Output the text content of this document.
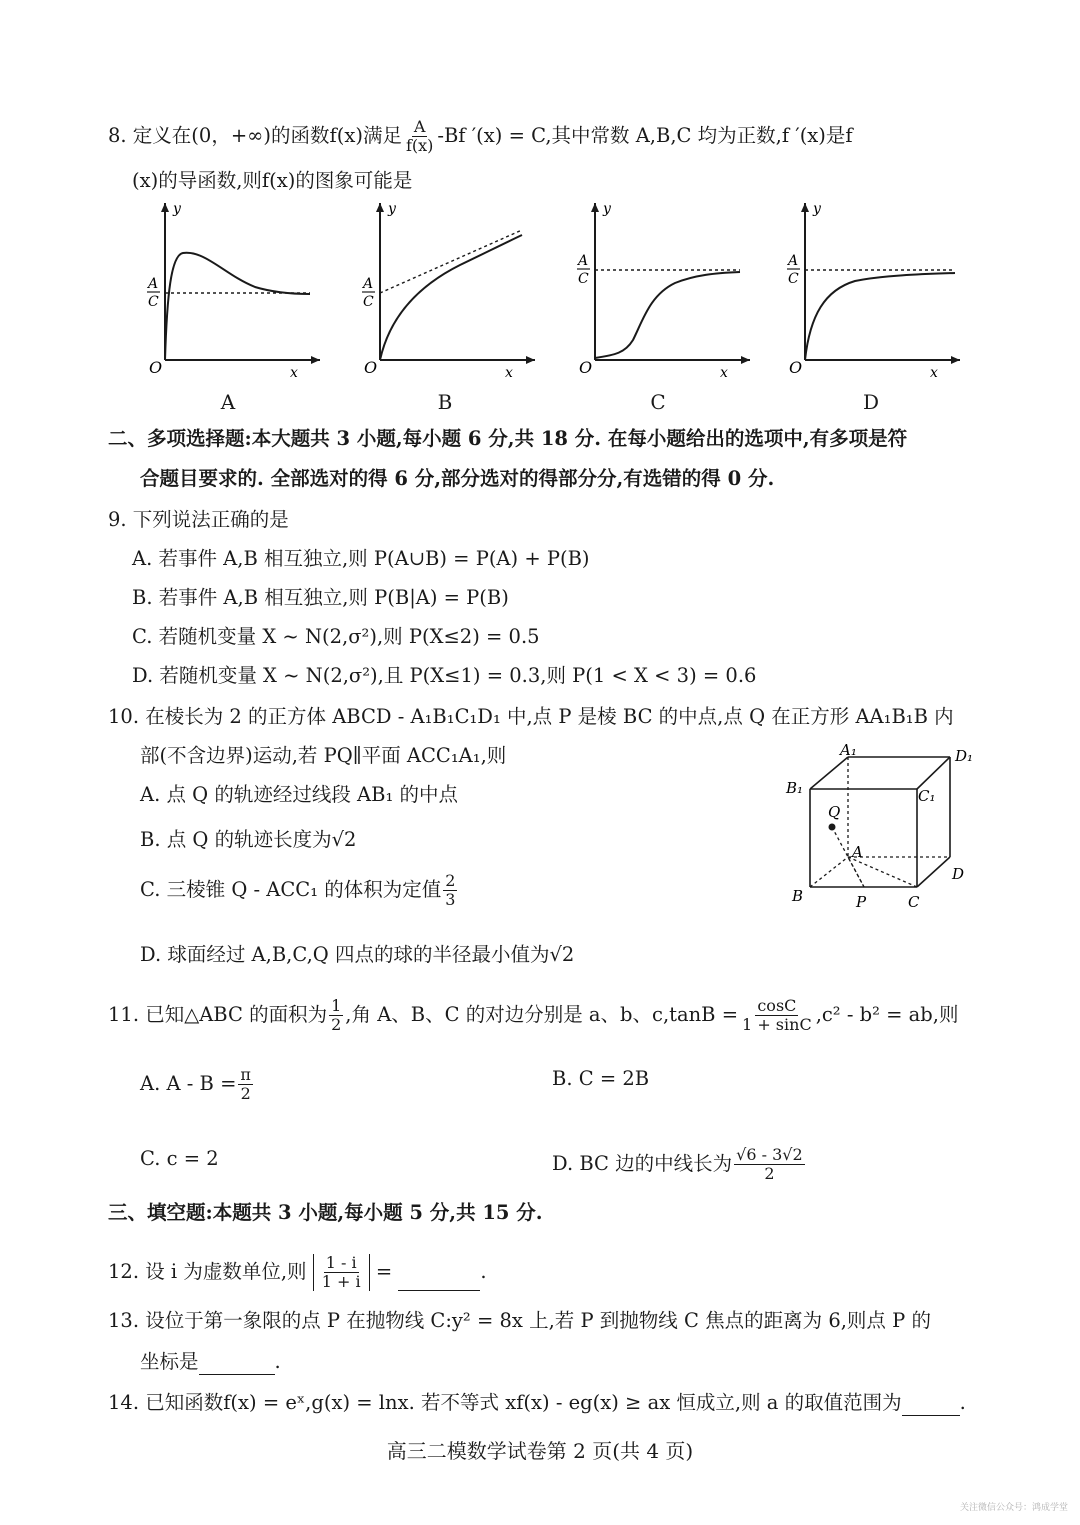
8. 定义在(0，+∞)的函数f(x)满足 $\frac{A}{f(x)} -Bf$ ′(x) = C,其中常数 A,B,C 均为正数,f ′(x)是f
(x)的导函数,则f(x)的图象可能是
y
x
O
A
C
A
y
x
O
A
C
B
y
x
O
A
C
C
y
x
O
A
C
D
二、多项选择题:本大题共 3 小题,每小题 6 分,共 18 分. 在每小题给出的选项中,有多项是符
合题目要求的. 全部选对的得 6 分,部分选对的得部分分,有选错的得 0 分.
9. 下列说法正确的是
A. 若事件 A,B 相互独立,则 P(A∪B) = P(A) + P(B)
B. 若事件 A,B 相互独立,则 P(B|A) = P(B)
C. 若随机变量 X ~ N(2,σ²),则 P(X≤2) = 0.5
D. 若随机变量 X ~ N(2,σ²),且 P(X≤1) = 0.3,则 P(1 < X < 3) = 0.6
10. 在棱长为 2 的正方体 ABCD - A₁B₁C₁D₁ 中,点 P 是棱 BC 的中点,点 Q 在正方形 AA₁B₁B 内
部(不含边界)运动,若 PQ∥平面 ACC₁A₁,则
A. 点 Q 的轨迹经过线段 AB₁ 的中点
B. 点 Q 的轨迹长度为√2
C. 三棱锥 Q - ACC₁ 的体积为定值 $\frac{2}{3}$
D. 球面经过 A,B,C,Q 四点的球的半径最小值为√2
A₁	D₁
B₁	C₁
Q
A
D
B	P	C
11. 已知△ABC 的面积为 $\frac{1}{2}$ ,角 A、B、C 的对边分别是 a、b、$c,\tan B = \frac{\cos C}{1 + \sin C} ,c^2 - b^2$ = ab,则
A. $A - B = \frac{\pi}{2}$	B. C = 2B
C. c = 2	D. BC 边的中线长为 $\frac{√6 - 3√2}{2}$
三、填空题:本题共 3 小题,每小题 5 分,共 15 分.
12. 设 i 为虚数单位,则 $\frac{1 - i}{1 + i}$ =	.
13. 设位于第一象限的点 P 在抛物线 C:y² = 8x 上,若 P 到抛物线 C 焦点的距离为 6,则点 P 的
坐标是	.
14. 已知函数f(x) = eˣ,g(x) = lnx. 若不等式 xf(x) - eg(x) ≥ ax 恒成立,则 a 的取值范围为	.
高三二模数学试卷第 2 页(共 4 页)
关注微信公众号：鸿成学堂
